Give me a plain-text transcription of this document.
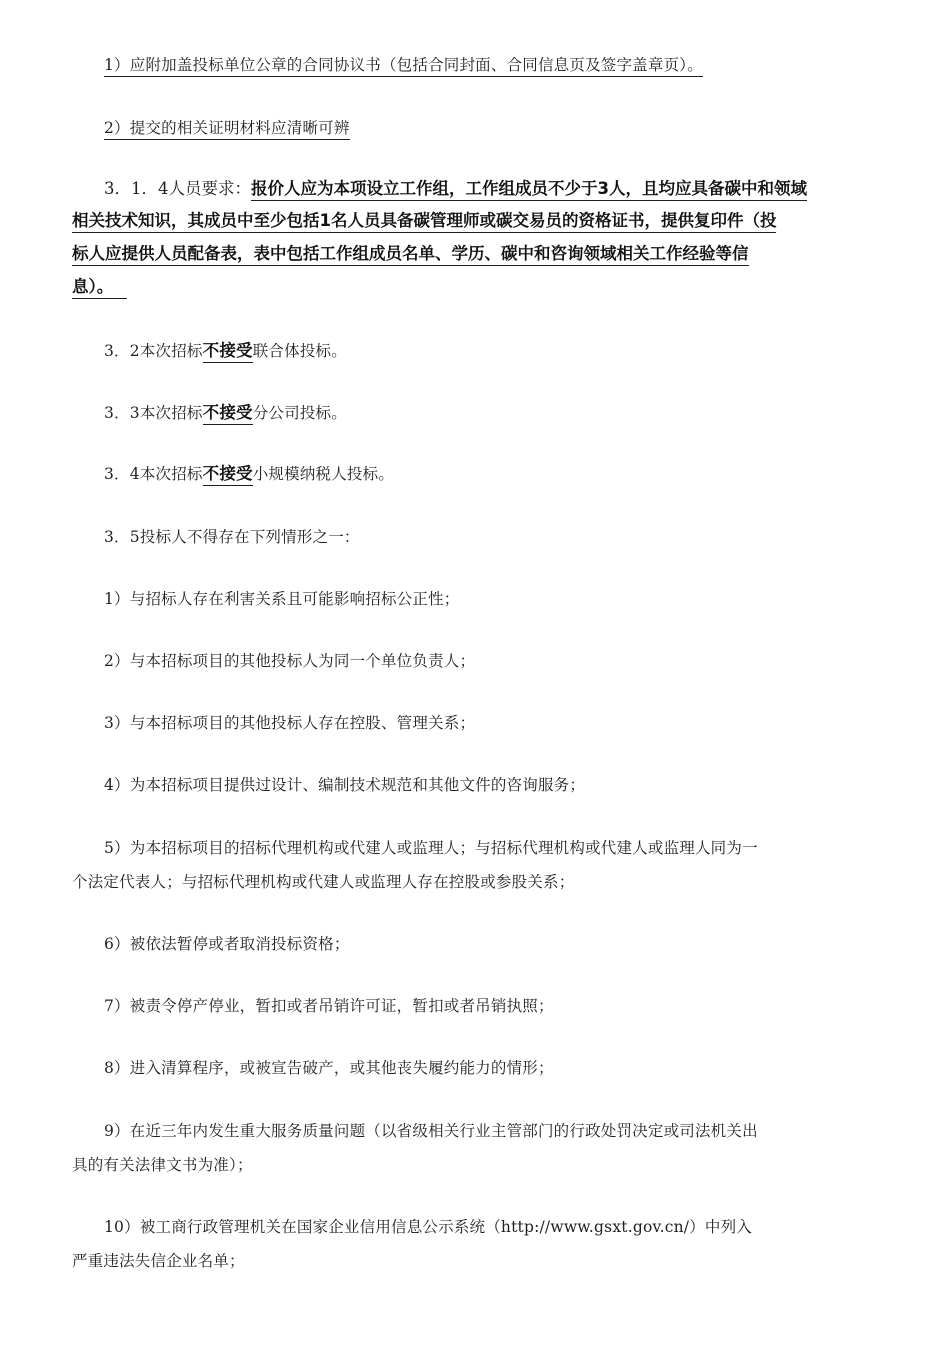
1）应附加盖投标单位公章的合同协议书（包括合同封面、合同信息页及签字盖章页）。
2）提交的相关证明材料应清晰可辨
3．1．4人员要求：报价人应为本项设立工作组，工作组成员不少于3人，且均应具备碳中和领域
相关技术知识，其成员中至少包括1名人员具备碳管理师或碳交易员的资格证书，提供复印件（投
标人应提供人员配备表，表中包括工作组成员名单、学历、碳中和咨询领域相关工作经验等信
息）。
3．2本次招标不接受联合体投标。
3．3本次招标不接受分公司投标。
3．4本次招标不接受小规模纳税人投标。
3．5投标人不得存在下列情形之一：
1）与招标人存在利害关系且可能影响招标公正性；
2）与本招标项目的其他投标人为同一个单位负责人；
3）与本招标项目的其他投标人存在控股、管理关系；
4）为本招标项目提供过设计、编制技术规范和其他文件的咨询服务；
5）为本招标项目的招标代理机构或代建人或监理人；与招标代理机构或代建人或监理人同为一
个法定代表人；与招标代理机构或代建人或监理人存在控股或参股关系；
6）被依法暂停或者取消投标资格；
7）被责令停产停业，暂扣或者吊销许可证，暂扣或者吊销执照；
8）进入清算程序，或被宣告破产，或其他丧失履约能力的情形；
9）在近三年内发生重大服务质量问题（以省级相关行业主管部门的行政处罚决定或司法机关出
具的有关法律文书为准）；
10）被工商行政管理机关在国家企业信用信息公示系统（http://www.gsxt.gov.cn/）中列入
严重违法失信企业名单；
